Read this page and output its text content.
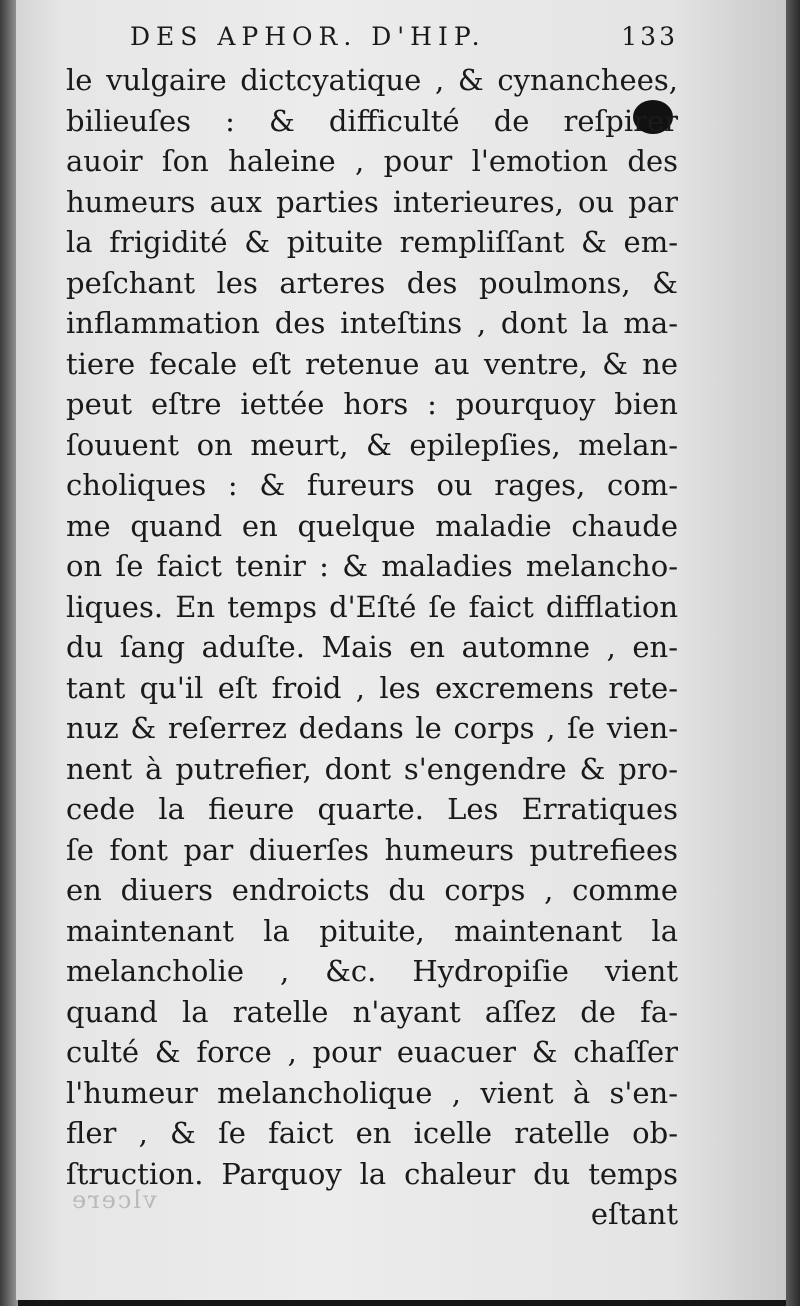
DES APHOR. D'HIP.	133
le vulgaire dictcyatique , & cynanchees,
bilieuſes : & difficulté de reſpirer
auoir ſon haleine , pour l'emotion des
humeurs aux parties interieures, ou par
la frigidité & pituite rempliſſant & em-
peſchant les arteres des poulmons, &
inflammation des inteſtins , dont la ma-
tiere fecale eſt retenue au ventre, & ne
peut eſtre iettée hors : pourquoy bien
ſouuent on meurt, & epilepſies, melan-
choliques : & fureurs ou rages, com-
me quand en quelque maladie chaude
on ſe faict tenir : & maladies melancho-
liques. En temps d'Eſté ſe faict difflation
du ſang aduſte. Mais en automne , en-
tant qu'il eſt froid , les excremens rete-
nuz & reſerrez dedans le corps , ſe vien-
nent à putrefier, dont s'engendre & pro-
cede la fieure quarte. Les Erratiques
ſe font par diuerſes humeurs putrefiees
en diuers endroicts du corps , comme
maintenant la pituite, maintenant la
melancholie , &c. Hydropiſie vient
quand la ratelle n'ayant aſſez de fa-
culté & force , pour euacuer & chaſſer
l'humeur melancholique , vient à s'en-
fler , & ſe faict en icelle ratelle ob-
ſtruction. Parquoy la chaleur du temps
eſtant
vlcere
